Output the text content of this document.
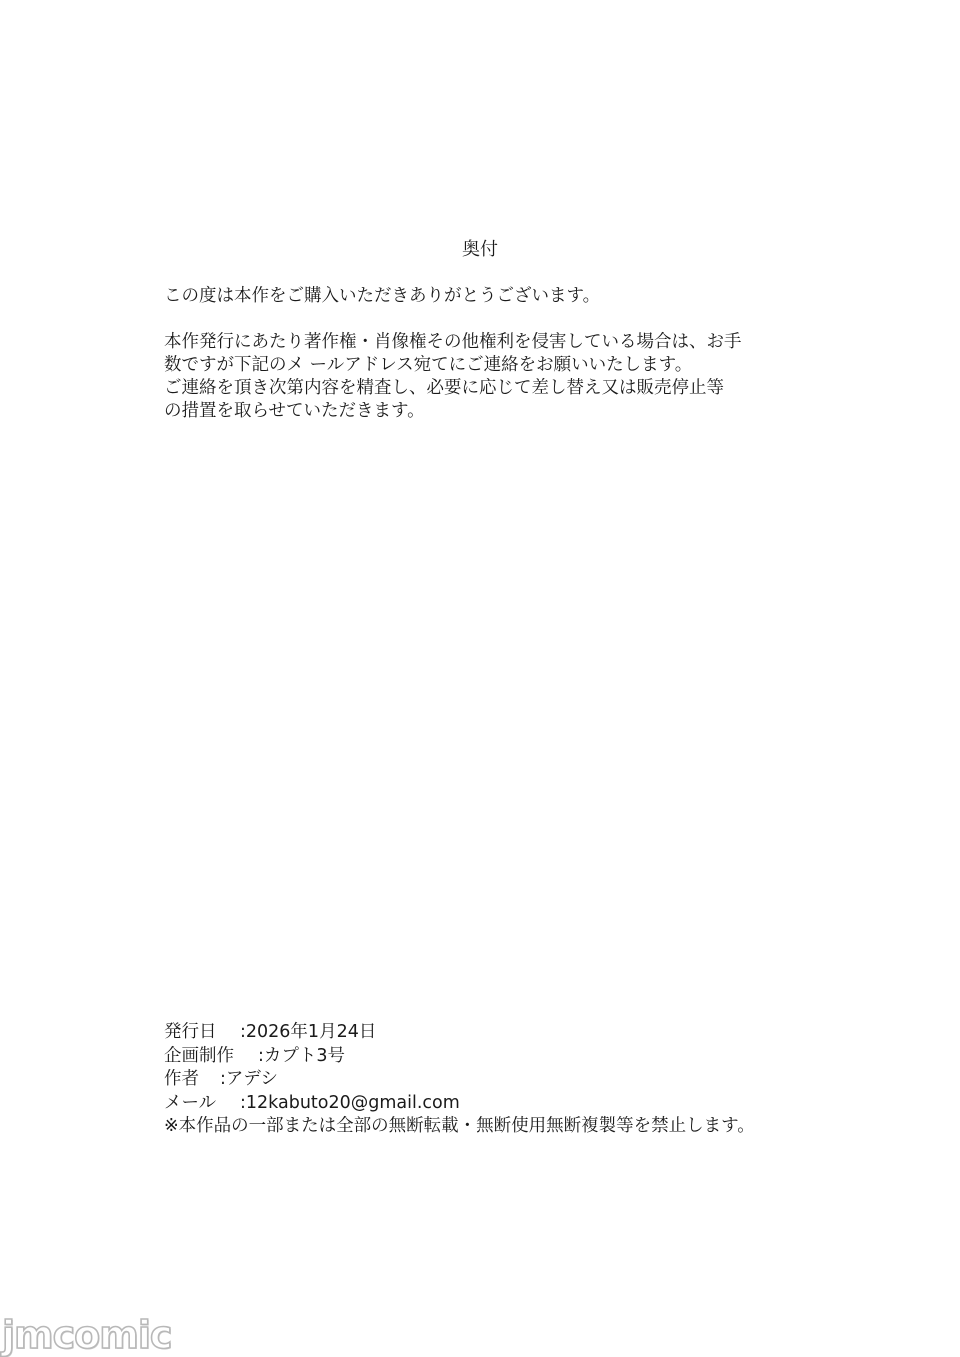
奥付
この度は本作をご購入いただきありがとうございます。
本作発行にあたり著作権・肖像権その他権利を侵害している場合は、お手
数ですが下記のメ ールアドレス宛てにご連絡をお願いいたします。
ご連絡を頂き次第内容を精査し、必要に応じて差し替え又は販売停止等
の措置を取らせていただきます。
発行日 :2026年1月24日
企画制作 :カプト3号
作者 :アデシ
メール :12kabuto20@gmail.com
※本作品の一部または全部の無断転載・無断使用無断複製等を禁止します。
jmcomic
